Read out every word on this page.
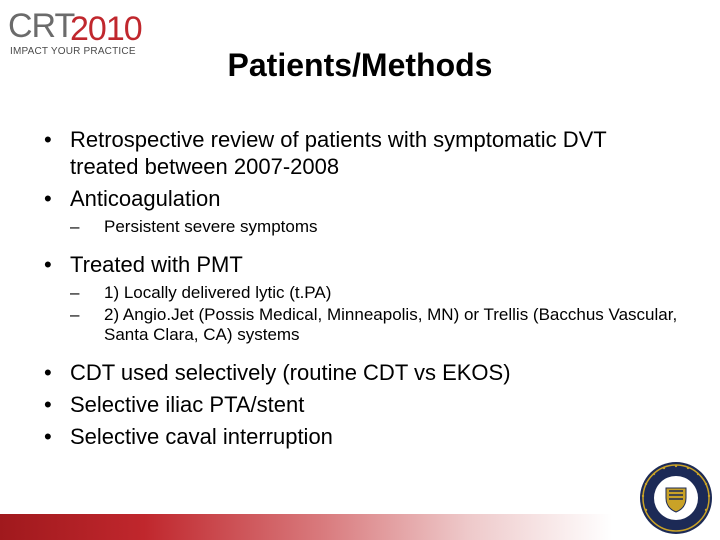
CRT
2010
IMPACT YOUR PRACTICE	Patients/Methods
• Retrospective review of patients with symptomatic DVT treated between 2007-2008
• Anticoagulation
– Persistent severe symptoms
• Treated with PMT
– 1) Locally delivered lytic (t.PA)
– 2) Angio.Jet (Possis Medical, Minneapolis, MN) or Trellis (Bacchus Vascular, Santa Clara, CA) systems
• CDT used selectively (routine CDT vs EKOS)
• Selective iliac PTA/stent
• Selective caval interruption
